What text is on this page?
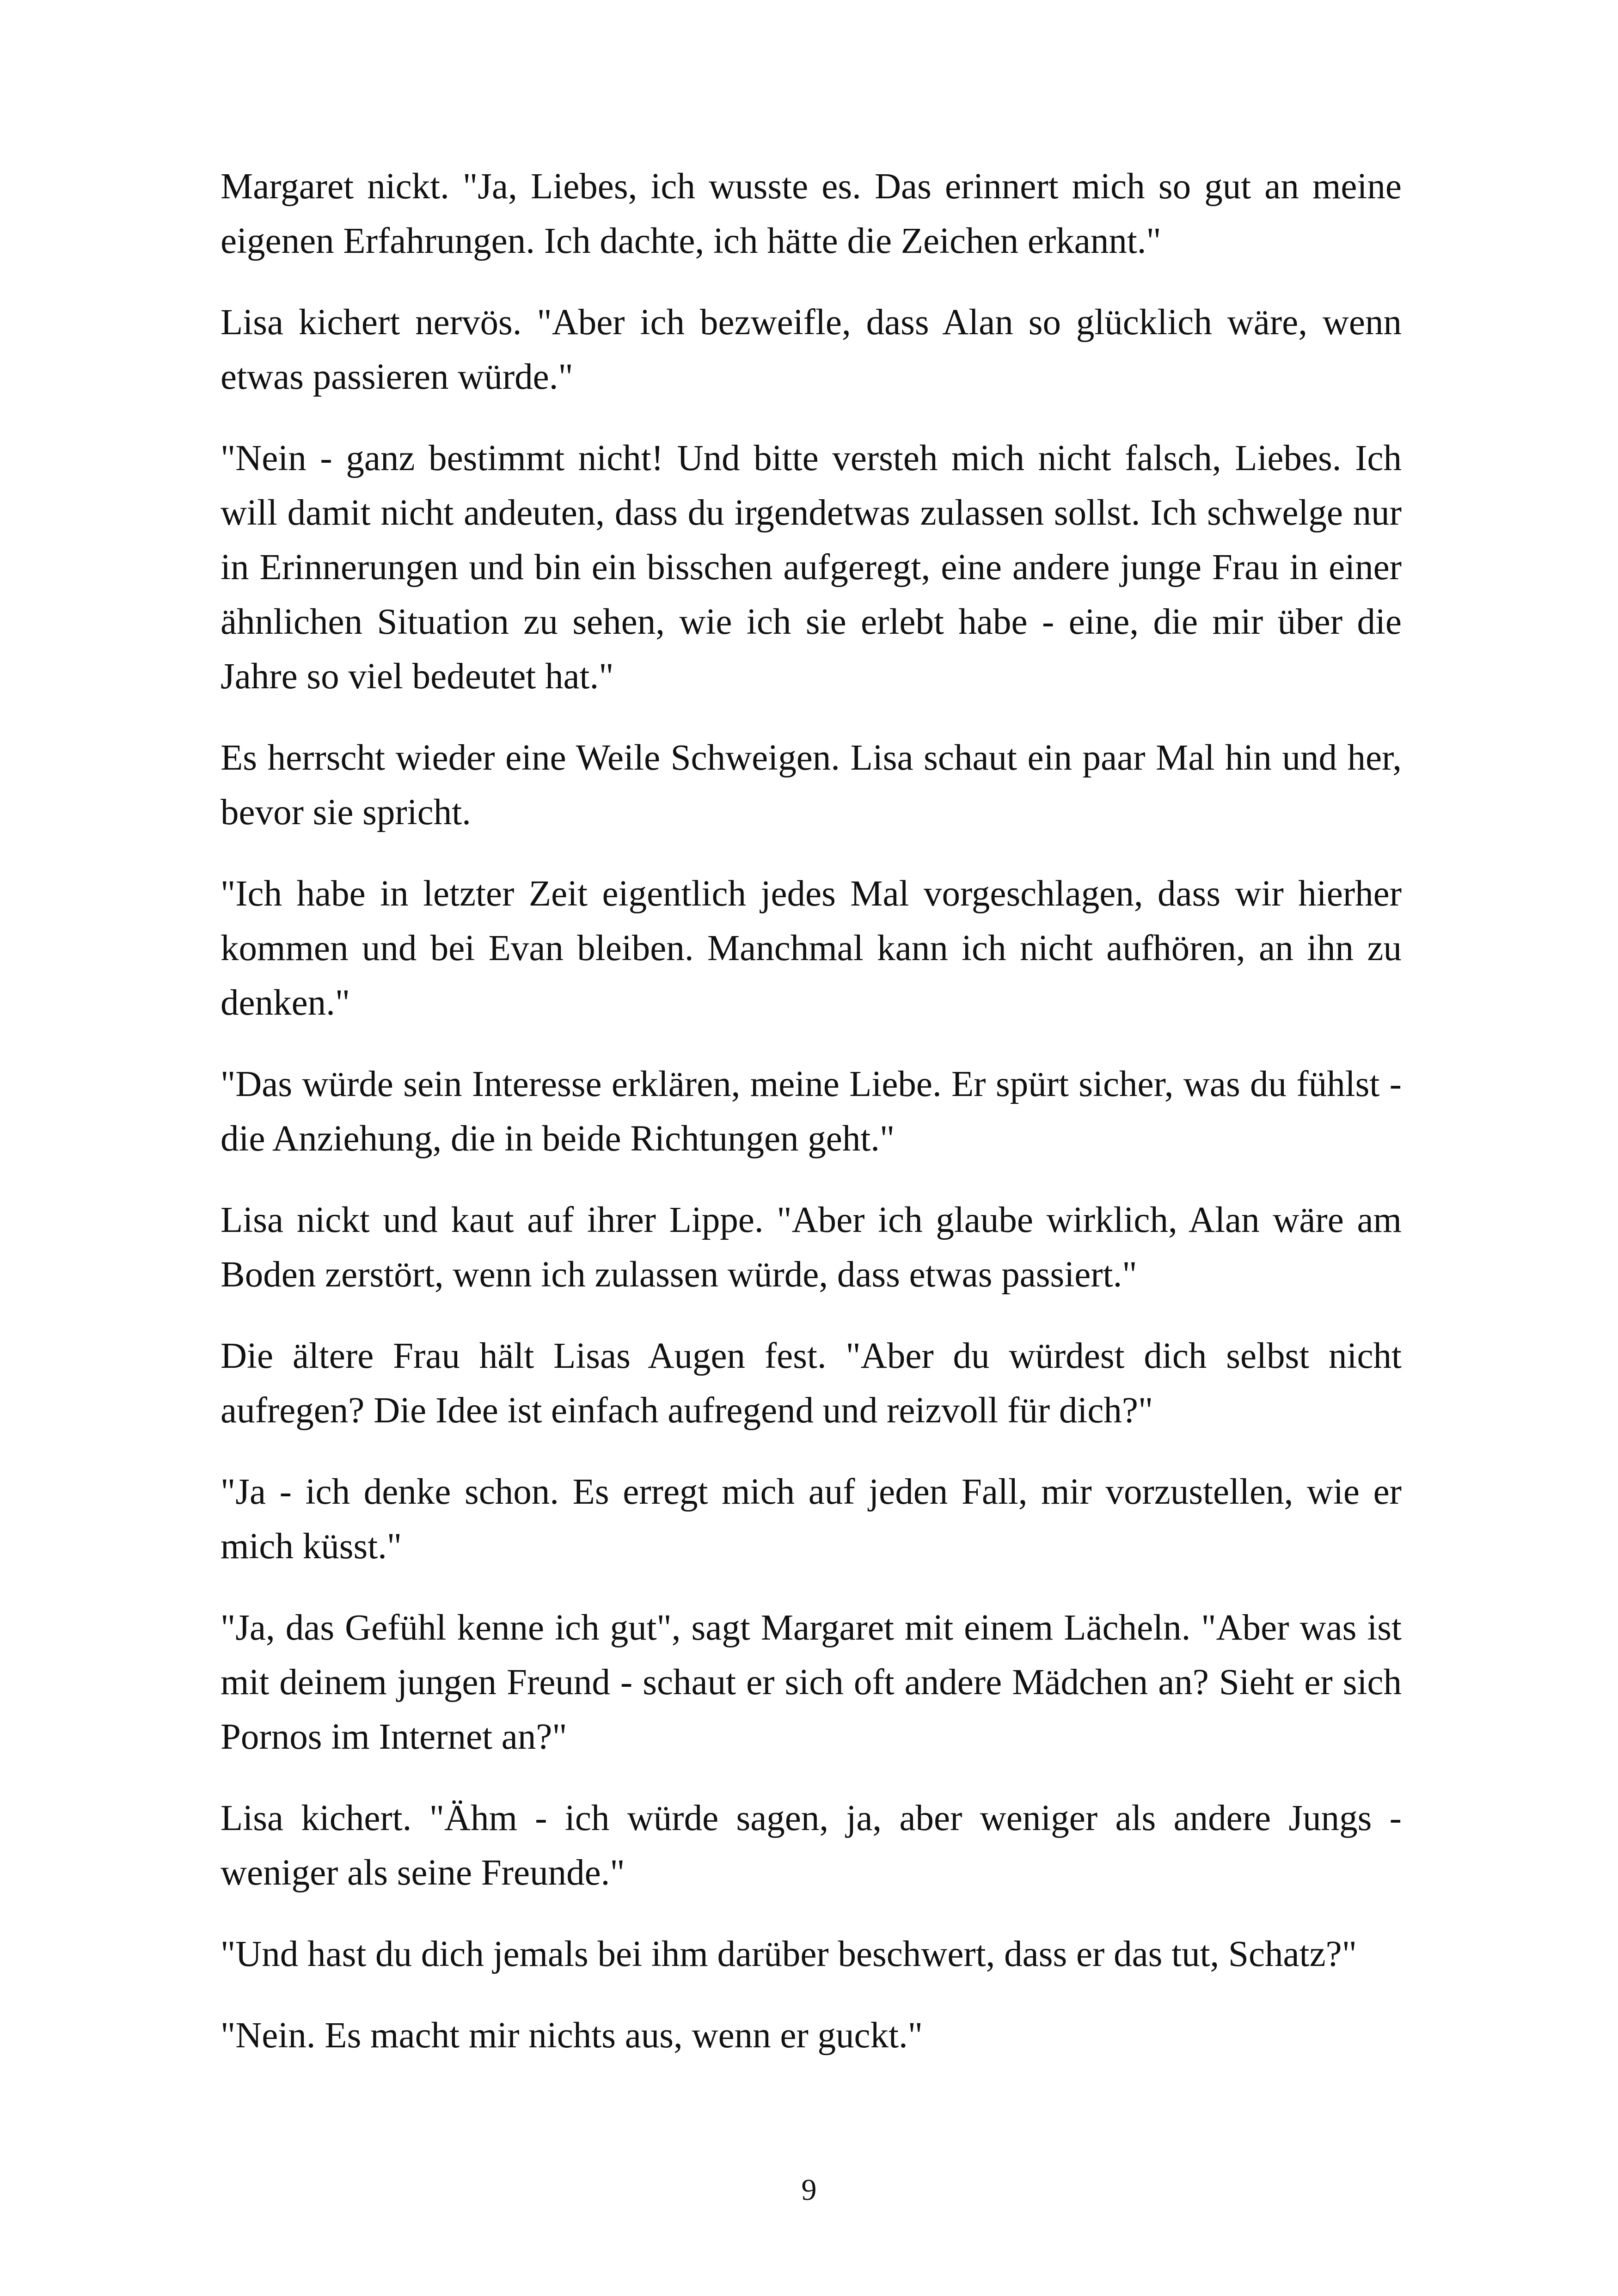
Margaret nickt. "Ja, Liebes, ich wusste es. Das erinnert mich so gut an meine eigenen Erfahrungen. Ich dachte, ich hätte die Zeichen erkannt."

Lisa kichert nervös. "Aber ich bezweifle, dass Alan so glücklich wäre, wenn etwas passieren würde."

"Nein - ganz bestimmt nicht! Und bitte versteh mich nicht falsch, Liebes. Ich will damit nicht andeuten, dass du irgendetwas zulassen sollst. Ich schwelge nur in Erinnerungen und bin ein bisschen aufgeregt, eine andere junge Frau in einer ähnlichen Situation zu sehen, wie ich sie erlebt habe - eine, die mir über die Jahre so viel bedeutet hat."

Es herrscht wieder eine Weile Schweigen. Lisa schaut ein paar Mal hin und her, bevor sie spricht.

"Ich habe in letzter Zeit eigentlich jedes Mal vorgeschlagen, dass wir hierher kommen und bei Evan bleiben. Manchmal kann ich nicht aufhören, an ihn zu denken."

"Das würde sein Interesse erklären, meine Liebe. Er spürt sicher, was du fühlst - die Anziehung, die in beide Richtungen geht."

Lisa nickt und kaut auf ihrer Lippe. "Aber ich glaube wirklich, Alan wäre am Boden zerstört, wenn ich zulassen würde, dass etwas passiert."

Die ältere Frau hält Lisas Augen fest. "Aber du würdest dich selbst nicht aufregen? Die Idee ist einfach aufregend und reizvoll für dich?"

"Ja - ich denke schon. Es erregt mich auf jeden Fall, mir vorzustellen, wie er mich küsst."

"Ja, das Gefühl kenne ich gut", sagt Margaret mit einem Lächeln. "Aber was ist mit deinem jungen Freund - schaut er sich oft andere Mädchen an? Sieht er sich Pornos im Internet an?"

Lisa kichert. "Ähm - ich würde sagen, ja, aber weniger als andere Jungs - weniger als seine Freunde."

"Und hast du dich jemals bei ihm darüber beschwert, dass er das tut, Schatz?"

"Nein. Es macht mir nichts aus, wenn er guckt."

9
